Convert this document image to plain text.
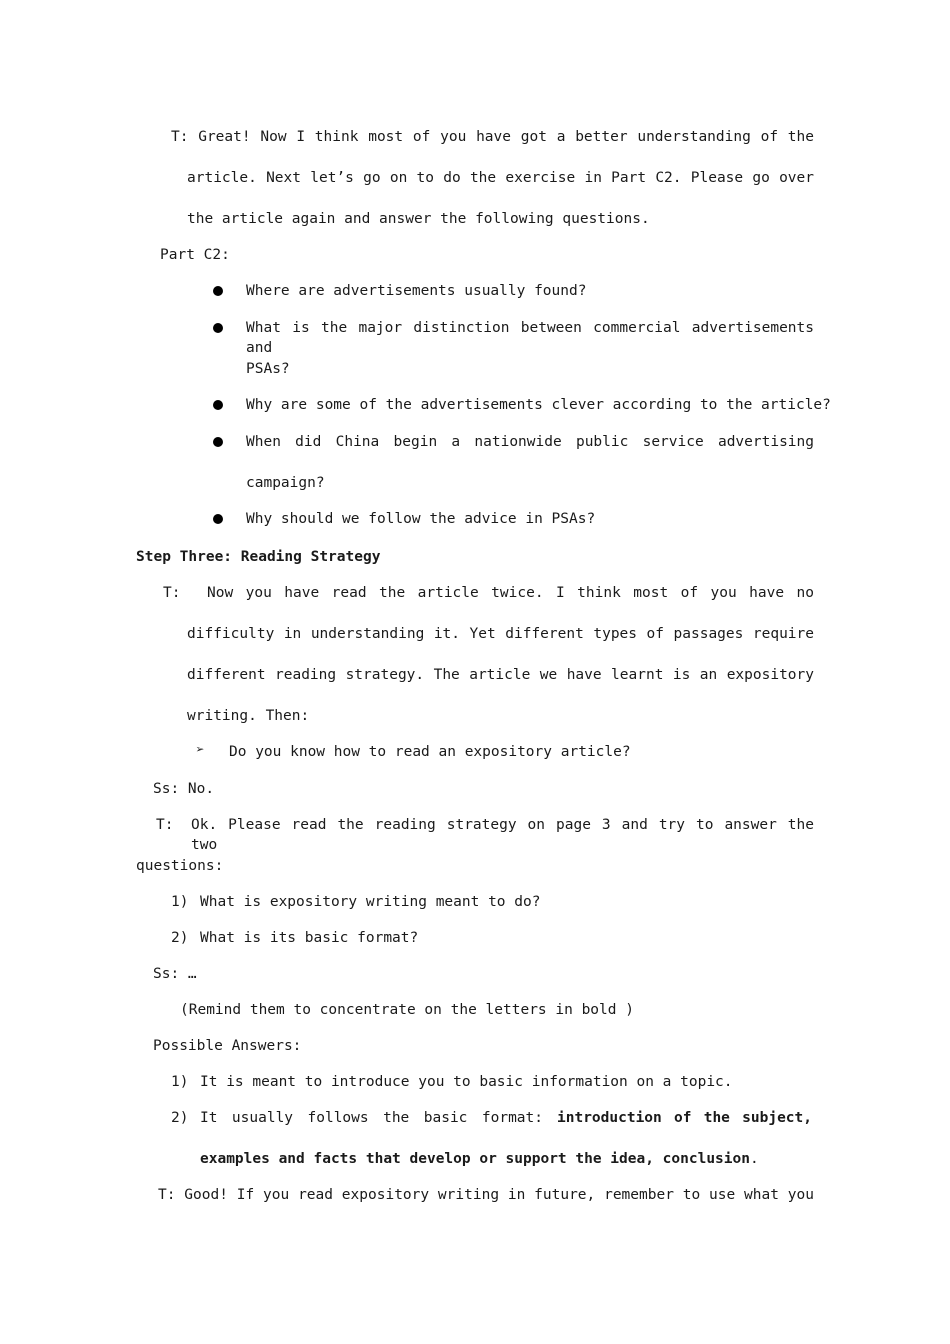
T: Great! Now I think most of you have got a better understanding of the
article. Next let’s go on to do the exercise in Part C2. Please go over
the article again and answer the following questions.
Part C2:
Where are advertisements usually found?
What is the major distinction between commercial advertisements and
PSAs?
Why are some of the advertisements clever according to the article?
When did China begin a nationwide public service advertising
campaign?
Why should we follow the advice in PSAs?
Step Three: Reading Strategy
T: Now you have read the article twice. I think most of you have no
difficulty in understanding it. Yet different types of passages require
different reading strategy. The article we have learnt is an expository
writing. Then:
➢ Do you know how to read an expository article?
Ss: No.
T: Ok. Please read the reading strategy on page 3 and try to answer the two
questions:
1) What is expository writing meant to do?
2) What is its basic format?
Ss: …
(Remind them to concentrate on the letters in bold )
Possible Answers:
1) It is meant to introduce you to basic information on a topic.
2) It usually follows the basic format: introduction of the subject,
examples and facts that develop or support the idea, conclusion.
T: Good! If you read expository writing in future, remember to use what you
